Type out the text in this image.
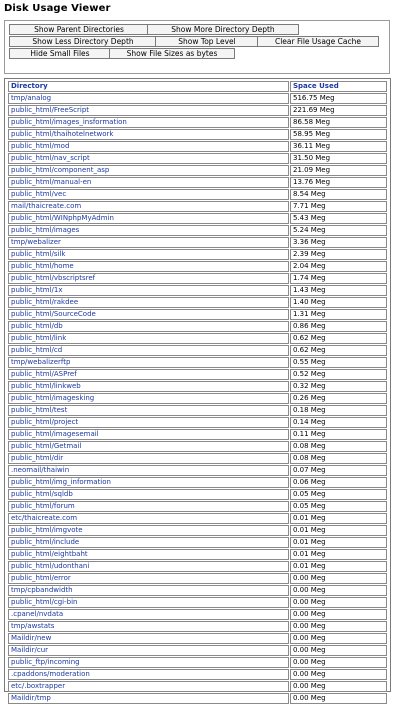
Disk Usage Viewer
Show Parent Directories	Show More Directory Depth
Show Less Directory Depth	Show Top Level	Clear File Usage Cache
Hide Small Files	Show File Sizes as bytes
Directory	Space Used
tmp/analog	516.75 Meg
public_html/FreeScript	221.69 Meg
public_html/images_insformation	86.58 Meg
public_html/thaihotelnetwork	58.95 Meg
public_html/mod	36.11 Meg
public_html/nav_script	31.50 Meg
public_html/component_asp	21.09 Meg
public_html/manual-en	13.76 Meg
public_html/vec	8.54 Meg
mail/thaicreate.com	7.71 Meg
public_html/WINphpMyAdmin	5.43 Meg
public_html/images	5.24 Meg
tmp/webalizer	3.36 Meg
public_html/silk	2.39 Meg
public_html/home	2.04 Meg
public_html/vbscriptsref	1.74 Meg
public_html/1x	1.43 Meg
public_html/rakdee	1.40 Meg
public_html/SourceCode	1.31 Meg
public_html/db	0.86 Meg
public_html/link	0.62 Meg
public_html/cd	0.62 Meg
tmp/webalizerftp	0.55 Meg
public_html/ASPref	0.52 Meg
public_html/linkweb	0.32 Meg
public_html/imagesking	0.26 Meg
public_html/test	0.18 Meg
public_html/project	0.14 Meg
public_html/imagesemail	0.11 Meg
public_html/Getmail	0.08 Meg
public_html/dir	0.08 Meg
.neomail/thaiwin	0.07 Meg
public_html/img_information	0.06 Meg
public_html/sqldb	0.05 Meg
public_html/forum	0.05 Meg
etc/thaicreate.com	0.01 Meg
public_html/imgvote	0.01 Meg
public_html/include	0.01 Meg
public_html/eightbaht	0.01 Meg
public_html/udonthani	0.01 Meg
public_html/error	0.00 Meg
tmp/cpbandwidth	0.00 Meg
public_html/cgi-bin	0.00 Meg
.cpanel/nvdata	0.00 Meg
tmp/awstats	0.00 Meg
Maildir/new	0.00 Meg
Maildir/cur	0.00 Meg
public_ftp/incoming	0.00 Meg
.cpaddons/moderation	0.00 Meg
etc/.boxtrapper	0.00 Meg
Maildir/tmp	0.00 Meg
